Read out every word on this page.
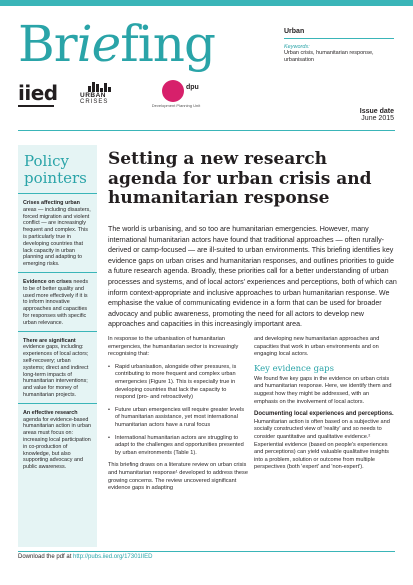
Briefing	Urban
Keywords:
Urban crisis, humanitarian response, urbanisation
iied	URBAN
CRISES
dpu
Development Planning Unit
Issue date
June 2015
Policy pointers
Crises affecting urban areas — including disasters, forced migration and violent conflict — are increasingly frequent and complex. This is particularly true in developing countries that lack capacity in urban planning and adapting to emerging risks.
Evidence on crises needs to be of better quality and used more effectively if it is to inform innovative approaches and capacities for responses with specific urban relevance.
There are significant evidence gaps, including: experiences of local actors; self-recovery; urban systems; direct and indirect long-term impacts of humanitarian interventions; and value for money of humanitarian projects.
An effective research agenda for evidence-based humanitarian action in urban areas must focus on: increasing local participation in co-production of knowledge, but also supporting advocacy and public awareness.
Setting a new research agenda for urban crisis and humanitarian response

The world is urbanising, and so too are humanitarian emergencies. However, many international humanitarian actors have found that traditional approaches — often rurally-derived or camp-focused — are ill-suited to urban environments. This briefing identifies key evidence gaps on urban crises and humanitarian responses, and outlines priorities to guide a future research agenda. Broadly, these priorities call for a better understanding of urban processes and systems, and of local actors' experiences and perceptions, both of which can inform context-appropriate and inclusive approaches to urban humanitarian response. We emphasise the value of communicating evidence in a form that can be used for broader advocacy and public awareness, promoting the need for all actors to develop new approaches and capacities in this increasingly important area.

In response to the urbanisation of humanitarian emergencies, the humanitarian sector is increasingly recognising that:

• Rapid urbanisation, alongside other pressures, is contributing to more frequent and complex urban emergencies (Figure 1). This is especially true in developing countries that lack the capacity to respond (pro- and retroactively)
• Future urban emergencies will require greater levels of humanitarian assistance, yet most international humanitarian actors have a rural focus
• International humanitarian actors are struggling to adapt to the challenges and opportunities presented by urban environments (Table 1).

This briefing draws on a literature review on urban crisis and humanitarian response¹ developed to address these growing concerns. The review uncovered significant evidence gaps in adapting

and developing new humanitarian approaches and capacities that work in urban environments and on engaging local actors.

Key evidence gaps

We found five key gaps in the evidence on urban crisis and humanitarian response. Here, we identify them and suggest how they might be addressed, with an emphasis on the involvement of local actors.

Documenting local experiences and perceptions. Humanitarian action is often based on a subjective and socially constructed view of 'reality' and so needs to consider quantitative and qualitative evidence.² Experiential evidence (based on people's experiences and perceptions) can yield valuable qualitative insights into a problem, solution or outcome from multiple perspectives (both 'expert' and 'non-expert').

Download the pdf at http://pubs.iied.org/17301IIED
